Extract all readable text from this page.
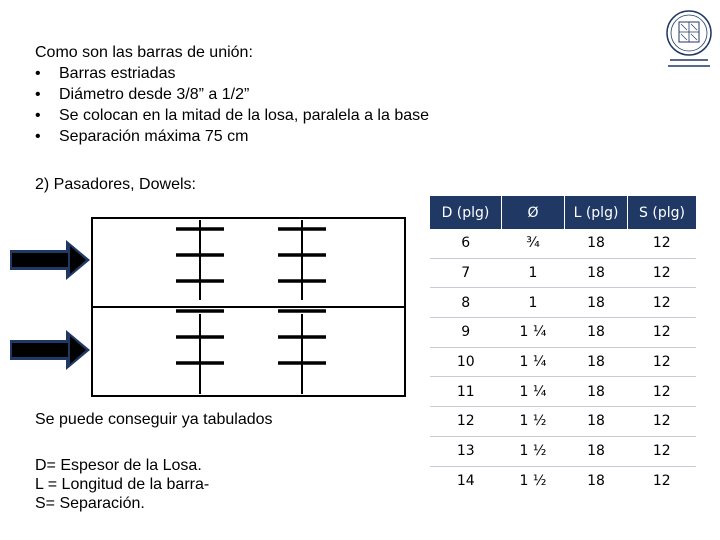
Como son las barras de unión:
• Barras estriadas
• Diámetro desde 3/8” a 1/2”
• Se colocan en la mitad de la losa, paralela a la base
• Separación máxima 75 cm
2) Pasadores, Dowels:
Se puede conseguir ya tabulados
D= Espesor de la Losa.
L = Longitud de la barra-
S= Separación.
D (plg)	Ø	L (plg)	S (plg)
6	¾	18	12
7	1	18	12
8	1	18	12
9	1 ¼	18	12
10	1 ¼	18	12
11	1 ¼	18	12
12	1 ½	18	12
13	1 ½	18	12
14	1 ½	18	12
